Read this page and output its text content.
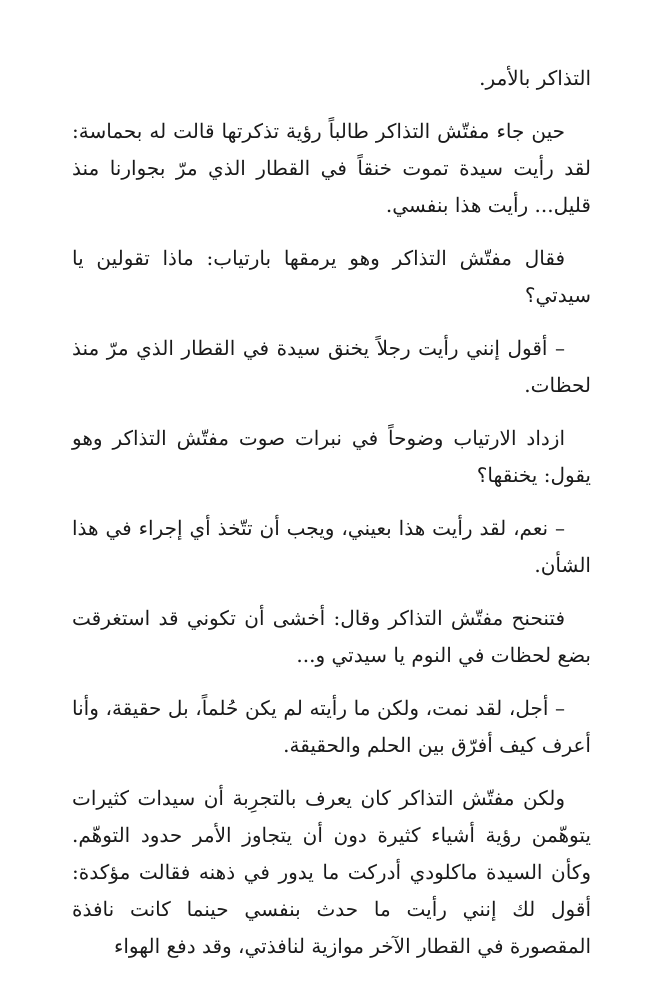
التذاكر بالأمر.

حين جاء مفتّش التذاكر طالباً رؤية تذكرتها قالت له بحماسة: لقد رأيت سيدة تموت خنقاً في القطار الذي مرّ بجوارنا منذ قليل... رأيت هذا بنفسي.

فقال مفتّش التذاكر وهو يرمقها بارتياب: ماذا تقولين يا سيدتي؟

– أقول إنني رأيت رجلاً يخنق سيدة في القطار الذي مرّ منذ لحظات.

ازداد الارتياب وضوحاً في نبرات صوت مفتّش التذاكر وهو يقول: يخنقها؟

– نعم، لقد رأيت هذا بعيني، ويجب أن تتّخذ أي إجراء في هذا الشأن.

فتنحنح مفتّش التذاكر وقال: أخشى أن تكوني قد استغرقت بضع لحظات في النوم يا سيدتي و...

– أجل، لقد نمت، ولكن ما رأيته لم يكن حُلماً، بل حقيقة، وأنا أعرف كيف أفرّق بين الحلم والحقيقة.

ولكن مفتّش التذاكر كان يعرف بالتجرِبة أن سيدات كثيرات يتوهّمن رؤية أشياء كثيرة دون أن يتجاوز الأمر حدود التوهّم. وكأن السيدة ماكلودي أدركت ما يدور في ذهنه فقالت مؤكدة: أقول لك إنني رأيت ما حدث بنفسي حينما كانت نافذة المقصورة في القطار الآخر موازية لنافذتي، وقد دفع الهواء
